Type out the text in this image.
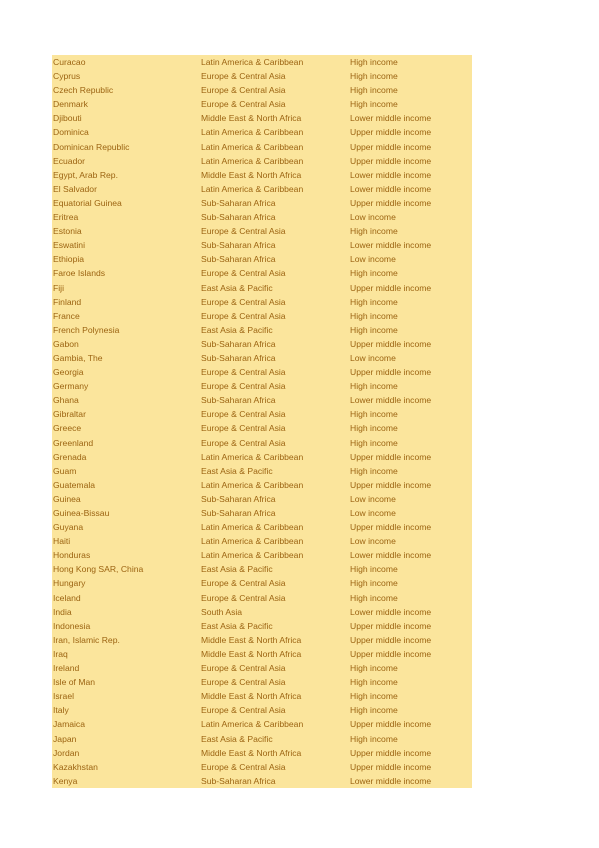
Curacao	Latin America & Caribbean	High income
Cyprus	Europe & Central Asia	High income
Czech Republic	Europe & Central Asia	High income
Denmark	Europe & Central Asia	High income
Djibouti	Middle East & North Africa	Lower middle income
Dominica	Latin America & Caribbean	Upper middle income
Dominican Republic	Latin America & Caribbean	Upper middle income
Ecuador	Latin America & Caribbean	Upper middle income
Egypt, Arab Rep.	Middle East & North Africa	Lower middle income
El Salvador	Latin America & Caribbean	Lower middle income
Equatorial Guinea	Sub-Saharan Africa	Upper middle income
Eritrea	Sub-Saharan Africa	Low income
Estonia	Europe & Central Asia	High income
Eswatini	Sub-Saharan Africa	Lower middle income
Ethiopia	Sub-Saharan Africa	Low income
Faroe Islands	Europe & Central Asia	High income
Fiji	East Asia & Pacific	Upper middle income
Finland	Europe & Central Asia	High income
France	Europe & Central Asia	High income
French Polynesia	East Asia & Pacific	High income
Gabon	Sub-Saharan Africa	Upper middle income
Gambia, The	Sub-Saharan Africa	Low income
Georgia	Europe & Central Asia	Upper middle income
Germany	Europe & Central Asia	High income
Ghana	Sub-Saharan Africa	Lower middle income
Gibraltar	Europe & Central Asia	High income
Greece	Europe & Central Asia	High income
Greenland	Europe & Central Asia	High income
Grenada	Latin America & Caribbean	Upper middle income
Guam	East Asia & Pacific	High income
Guatemala	Latin America & Caribbean	Upper middle income
Guinea	Sub-Saharan Africa	Low income
Guinea-Bissau	Sub-Saharan Africa	Low income
Guyana	Latin America & Caribbean	Upper middle income
Haiti	Latin America & Caribbean	Low income
Honduras	Latin America & Caribbean	Lower middle income
Hong Kong SAR, China	East Asia & Pacific	High income
Hungary	Europe & Central Asia	High income
Iceland	Europe & Central Asia	High income
India	South Asia	Lower middle income
Indonesia	East Asia & Pacific	Upper middle income
Iran, Islamic Rep.	Middle East & North Africa	Upper middle income
Iraq	Middle East & North Africa	Upper middle income
Ireland	Europe & Central Asia	High income
Isle of Man	Europe & Central Asia	High income
Israel	Middle East & North Africa	High income
Italy	Europe & Central Asia	High income
Jamaica	Latin America & Caribbean	Upper middle income
Japan	East Asia & Pacific	High income
Jordan	Middle East & North Africa	Upper middle income
Kazakhstan	Europe & Central Asia	Upper middle income
Kenya	Sub-Saharan Africa	Lower middle income
